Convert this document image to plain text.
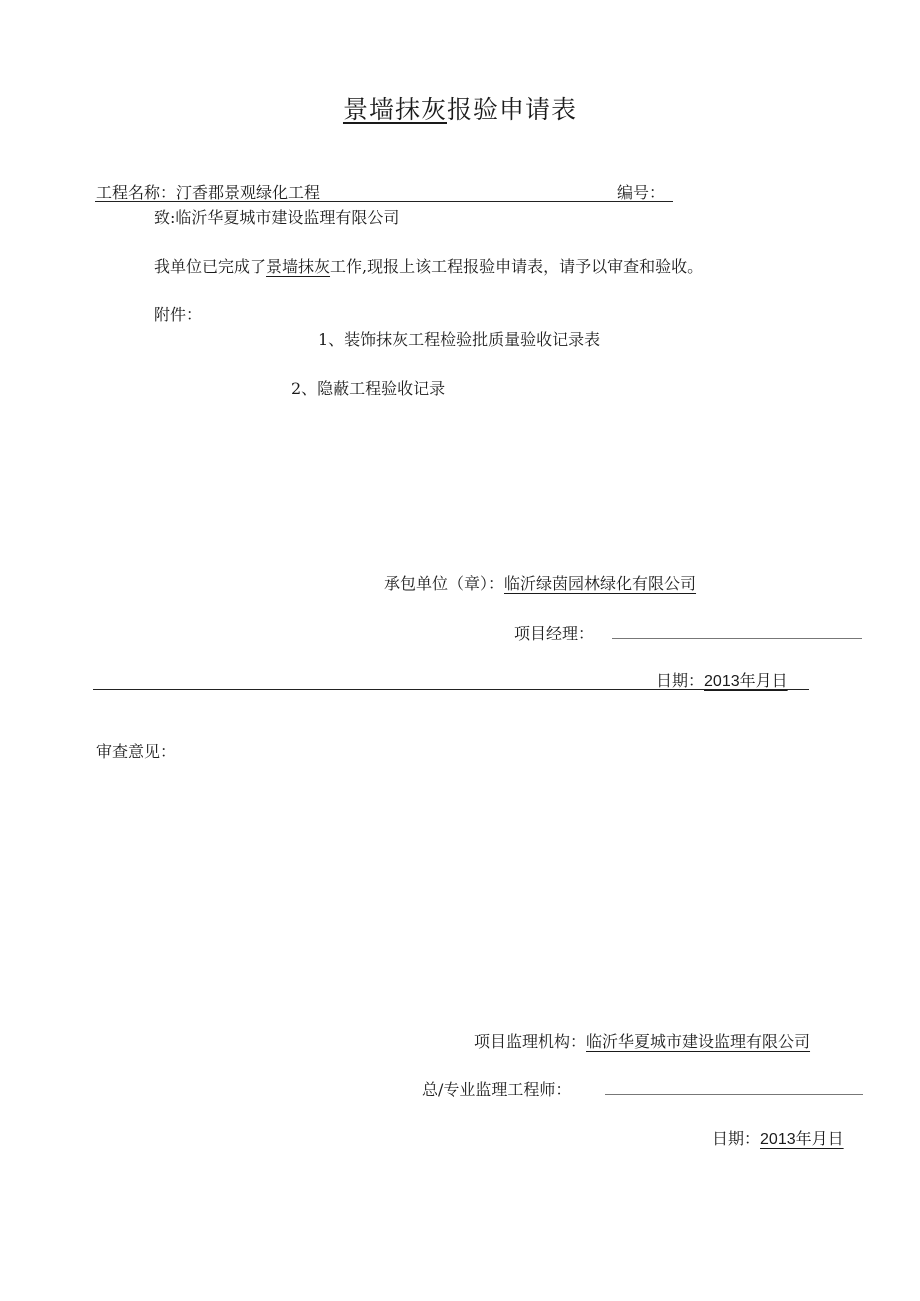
景墙抹灰报验申请表
工程名称：汀香郡景观绿化工程	编号：
致:临沂华夏城市建设监理有限公司
我单位已完成了景墙抹灰工作,现报上该工程报验申请表，请予以审查和验收。
附件：
1、装饰抹灰工程检验批质量验收记录表
2、隐蔽工程验收记录
承包单位（章）：临沂绿茵园林绿化有限公司
项目经理：
日期：2013年月日
审查意见：
项目监理机构：临沂华夏城市建设监理有限公司
总/专业监理工程师：
日期：2013年月日
